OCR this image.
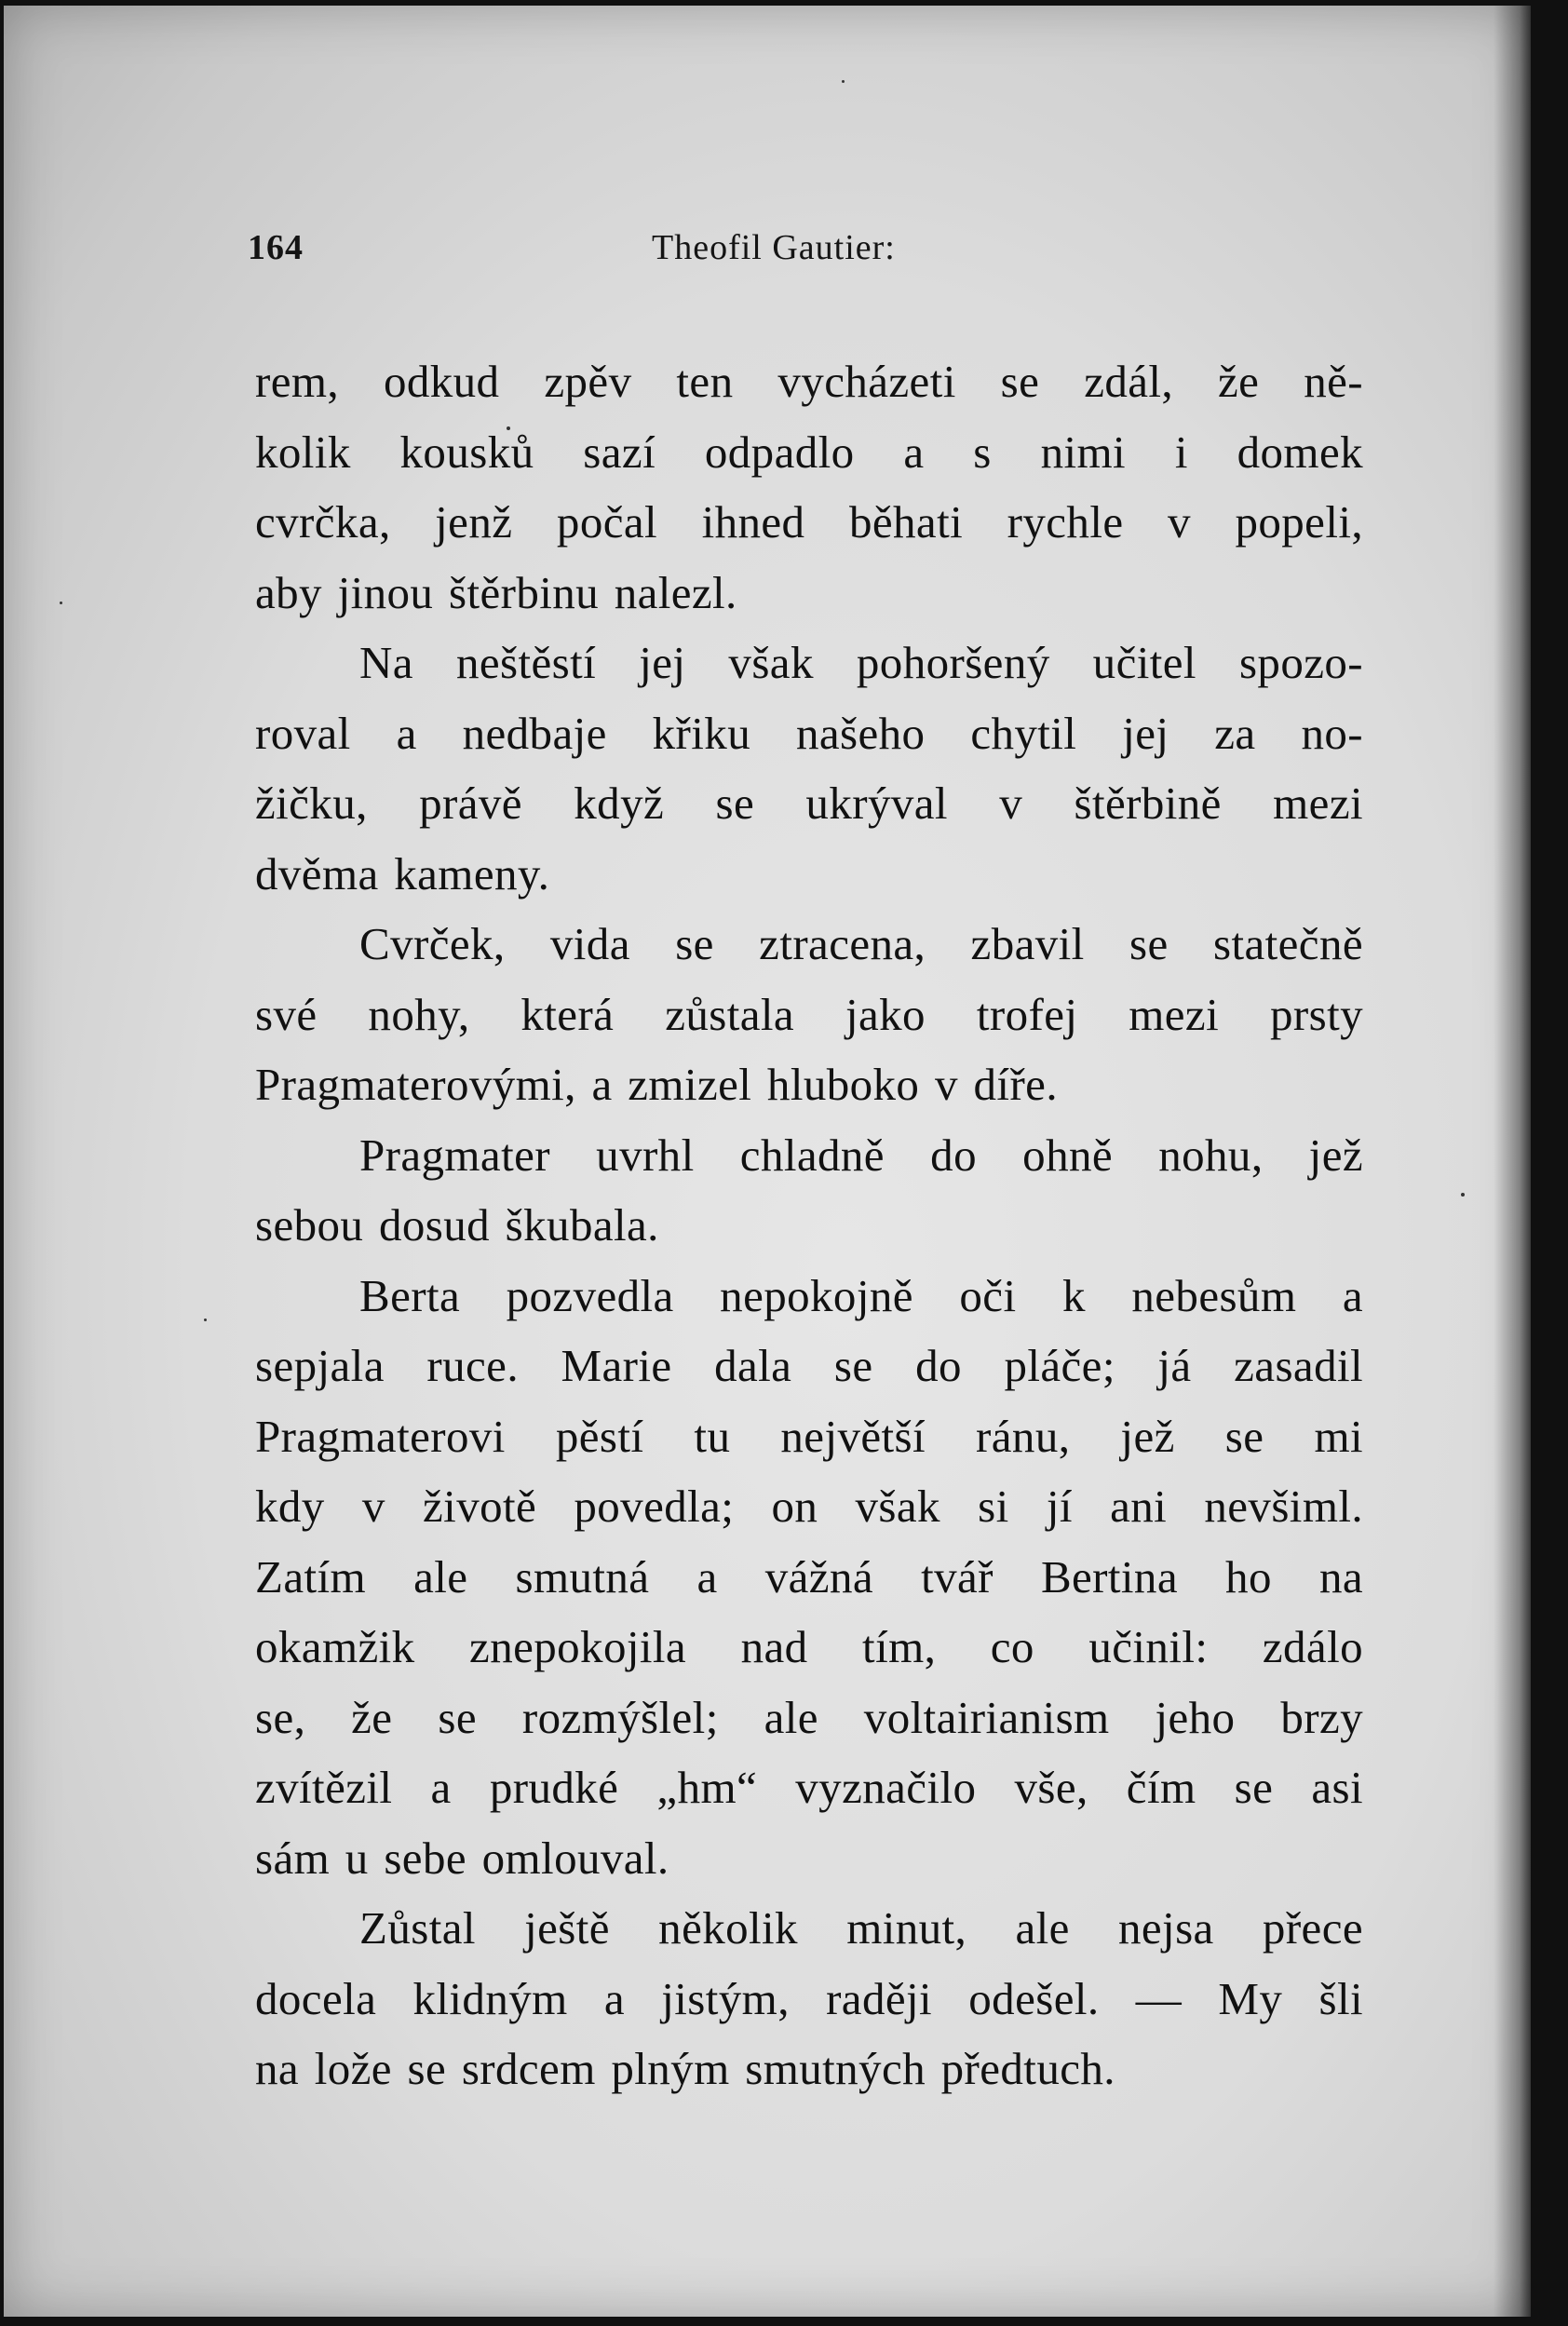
164	Theofil Gautier:
rem, odkud zpěv ten vycházeti se zdál, že ně-
kolik kousků sazí odpadlo a s nimi i domek
cvrčka, jenž počal ihned běhati rychle v popeli,
aby jinou štěrbinu nalezl.
Na neštěstí jej však pohoršený učitel spozo-
roval a nedbaje křiku našeho chytil jej za no-
žičku, právě když se ukrýval v štěrbině mezi
dvěma kameny.
Cvrček, vida se ztracena, zbavil se statečně
své nohy, která zůstala jako trofej mezi prsty
Pragmaterovými, a zmizel hluboko v díře.
Pragmater uvrhl chladně do ohně nohu, jež
sebou dosud škubala.
Berta pozvedla nepokojně oči k nebesům a
sepjala ruce. Marie dala se do pláče; já zasadil
Pragmaterovi pěstí tu největší ránu, jež se mi
kdy v životě povedla; on však si jí ani nevšiml.
Zatím ale smutná a vážná tvář Bertina ho na
okamžik znepokojila nad tím, co učinil: zdálo
se, že se rozmýšlel; ale voltairianism jeho brzy
zvítězil a prudké „hm“ vyznačilo vše, čím se asi
sám u sebe omlouval.
Zůstal ještě několik minut, ale nejsa přece
docela klidným a jistým, raději odešel. — My šli
na lože se srdcem plným smutných předtuch.
